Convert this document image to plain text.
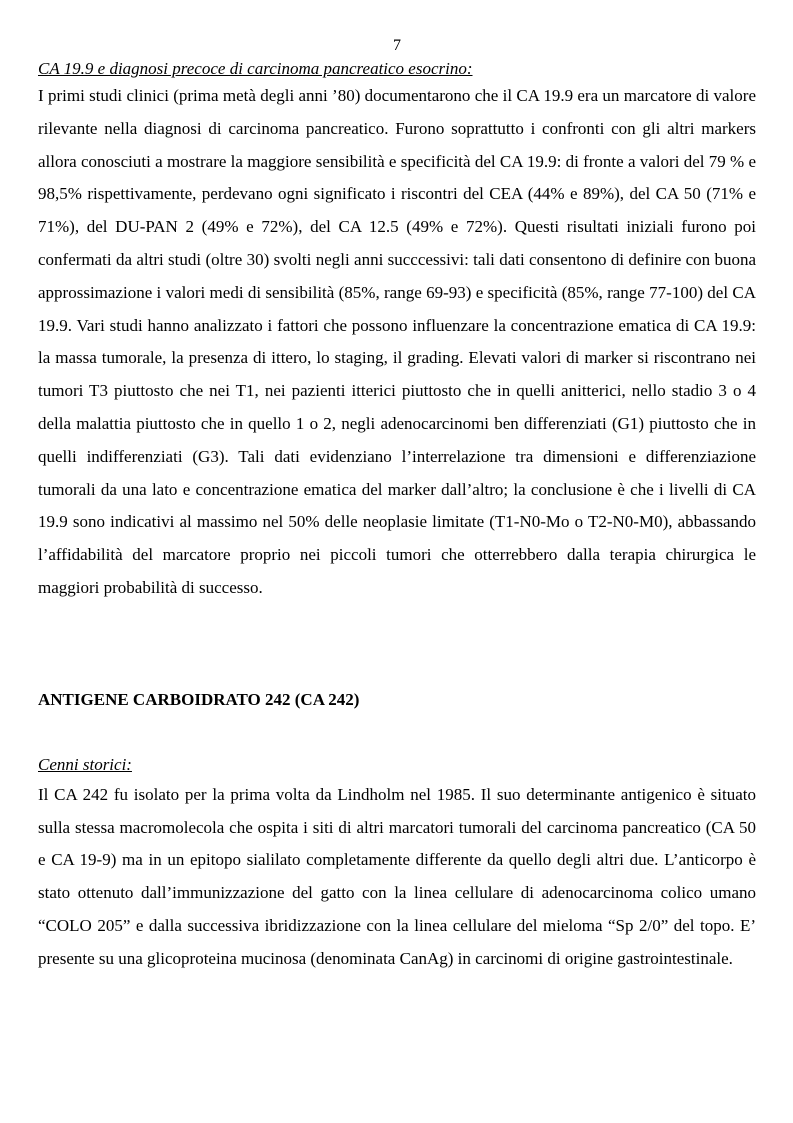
7

CA 19.9 e diagnosi precoce di carcinoma pancreatico esocrino:

I primi studi clinici (prima metà degli anni ’80) documentarono che il CA 19.9 era un marcatore di valore rilevante nella diagnosi di carcinoma pancreatico. Furono soprattutto i confronti con gli altri markers allora conosciuti a mostrare la maggiore sensibilità e specificità del CA 19.9: di fronte a valori del 79 % e 98,5% rispettivamente, perdevano ogni significato i riscontri del CEA (44% e 89%), del CA 50 (71% e 71%), del DU-PAN 2 (49% e 72%), del CA 12.5 (49% e 72%). Questi risultati iniziali furono poi confermati da altri studi (oltre 30) svolti negli anni succcessivi: tali dati consentono di definire con buona approssimazione i valori medi di sensibilità (85%, range 69-93) e specificità (85%, range 77-100) del CA 19.9. Vari studi hanno analizzato i fattori che possono influenzare la concentrazione ematica di CA 19.9: la massa tumorale, la presenza di ittero, lo staging, il grading. Elevati valori di marker si riscontrano nei tumori T3 piuttosto che nei T1, nei pazienti itterici piuttosto che in quelli anitterici, nello stadio 3 o 4 della malattia piuttosto che in quello 1 o 2, negli adenocarcinomi ben differenziati (G1) piuttosto che in quelli indifferenziati (G3). Tali dati evidenziano l’interrelazione tra dimensioni e differenziazione tumorali da una lato e concentrazione ematica del marker dall’altro; la conclusione è che i livelli di CA 19.9 sono indicativi al massimo nel 50% delle neoplasie limitate (T1-N0-Mo o T2-N0-M0), abbassando l’affidabilità del marcatore proprio nei piccoli tumori che otterrebbero dalla terapia chirurgica le maggiori probabilità di successo.

ANTIGENE CARBOIDRATO 242 (CA 242)

Cenni storici:

Il CA 242 fu isolato per la prima volta da Lindholm nel 1985. Il suo determinante antigenico è situato sulla stessa macromolecola che ospita i siti di altri marcatori tumorali del carcinoma pancreatico (CA 50 e CA 19-9) ma in un epitopo sialilato completamente differente da quello degli altri due. L’anticorpo è stato ottenuto dall’immunizzazione del gatto con la linea cellulare di adenocarcinoma colico umano “COLO 205” e dalla successiva ibridizzazione con la linea cellulare del mieloma “Sp 2/0” del topo. E’ presente su una glicoproteina mucinosa (denominata CanAg) in carcinomi di origine gastrointestinale.
